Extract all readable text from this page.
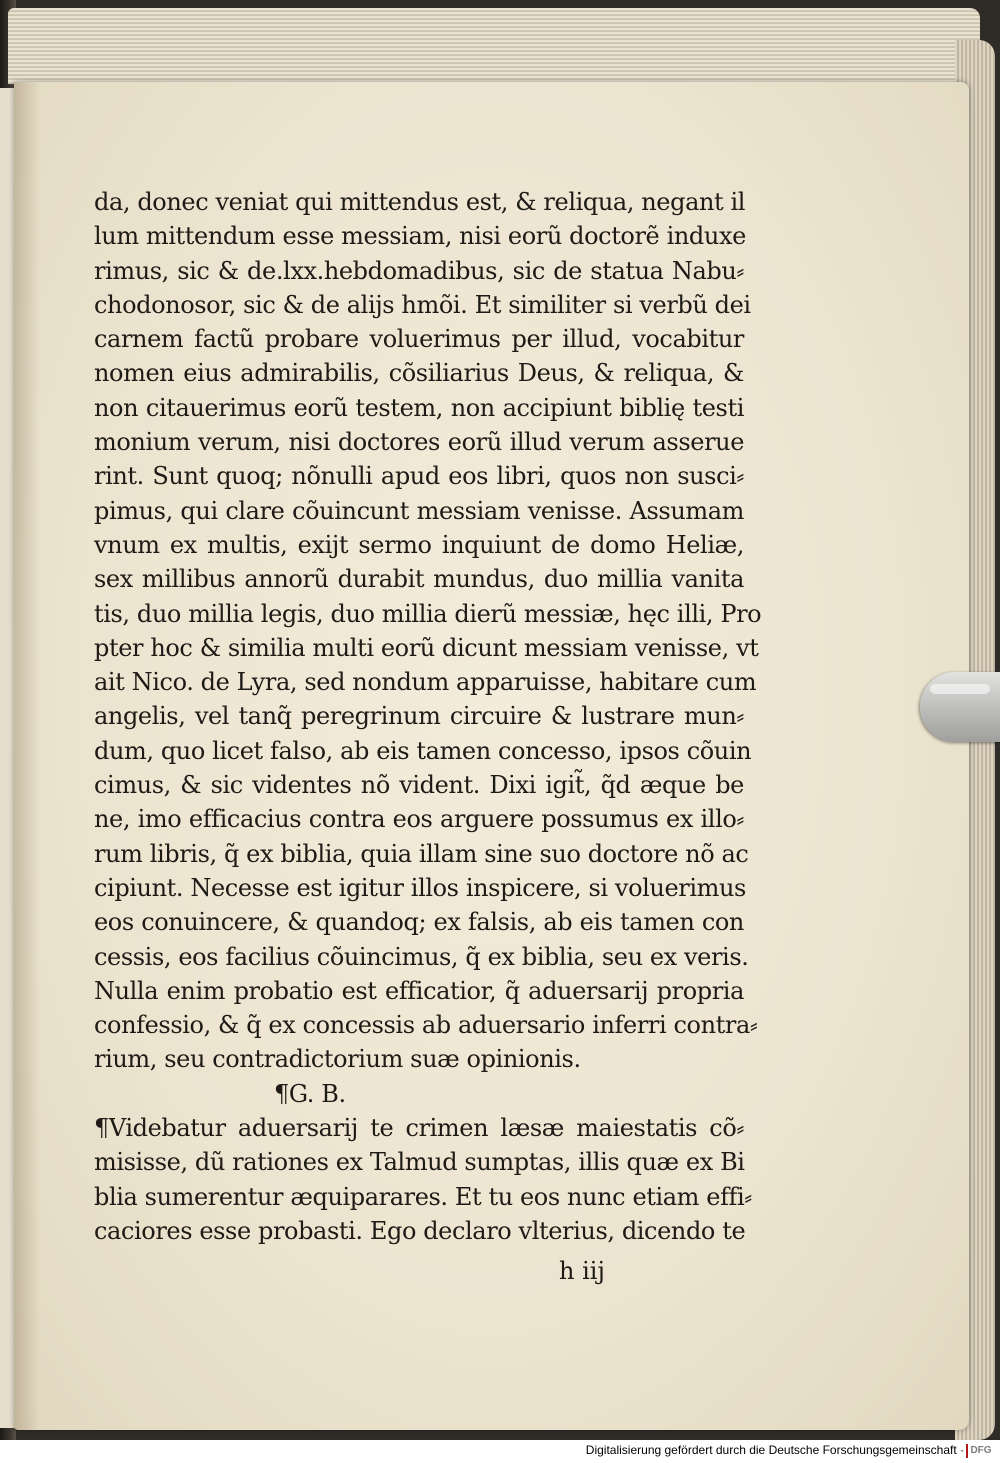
da, donec veniat qui mittendus est, & reliqua, negant il
lum mittendum esse messiam, nisi eorũ doctorẽ induxe
rimus, sic & de.lxx.hebdomadibus, sic de statua Nabu⸗
chodonosor, sic & de alijs hmõi. Et similiter si verbũ dei
carnem factũ probare voluerimus per illud, vocabitur
nomen eius admirabilis, cõsiliarius Deus, & reliqua, &
non citauerimus eorũ testem, non accipiunt biblię testi
monium verum, nisi doctores eorũ illud verum asserue
rint. Sunt quoq; nõnulli apud eos libri, quos non susci⸗
pimus, qui clare cõuincunt messiam venisse. Assumam
vnum ex multis, exijt sermo inquiunt de domo Heliæ,
sex millibus annorũ durabit mundus, duo millia vanita
tis, duo millia legis, duo millia dierũ messiæ, hęc illi, Pro
pter hoc & similia multi eorũ dicunt messiam venisse, vt
ait Nico. de Lyra, sed nondum apparuisse, habitare cum
angelis, vel tanq̃ peregrinum circuire & lustrare mun⸗
dum, quo licet falso, ab eis tamen concesso, ipsos cõuin
cimus, & sic videntes nõ vident. Dixi igit̃, q̃d æque be
ne, imo efficacius contra eos arguere possumus ex illo⸗
rum libris, q̃ ex biblia, quia illam sine suo doctore nõ ac
cipiunt. Necesse est igitur illos inspicere, si voluerimus
eos conuincere, & quandoq; ex falsis, ab eis tamen con
cessis, eos facilius cõuincimus, q̃ ex biblia, seu ex veris.
Nulla enim probatio est efficatior, q̃ aduersarij propria
confessio, & q̃ ex concessis ab aduersario inferri contra⸗
rium, seu contradictorium suæ opinionis.
¶G. B.
¶Videbatur aduersarij te crimen læsæ maiestatis cõ⸗
misisse, dũ rationes ex Talmud sumptas, illis quæ ex Bi
blia sumerentur æquiparares. Et tu eos nunc etiam effi⸗
caciores esse probasti. Ego declaro vlterius, dicendo te
h iij
Digitalisierung gefördert durch die Deutsche Forschungsgemeinschaft · DFG
